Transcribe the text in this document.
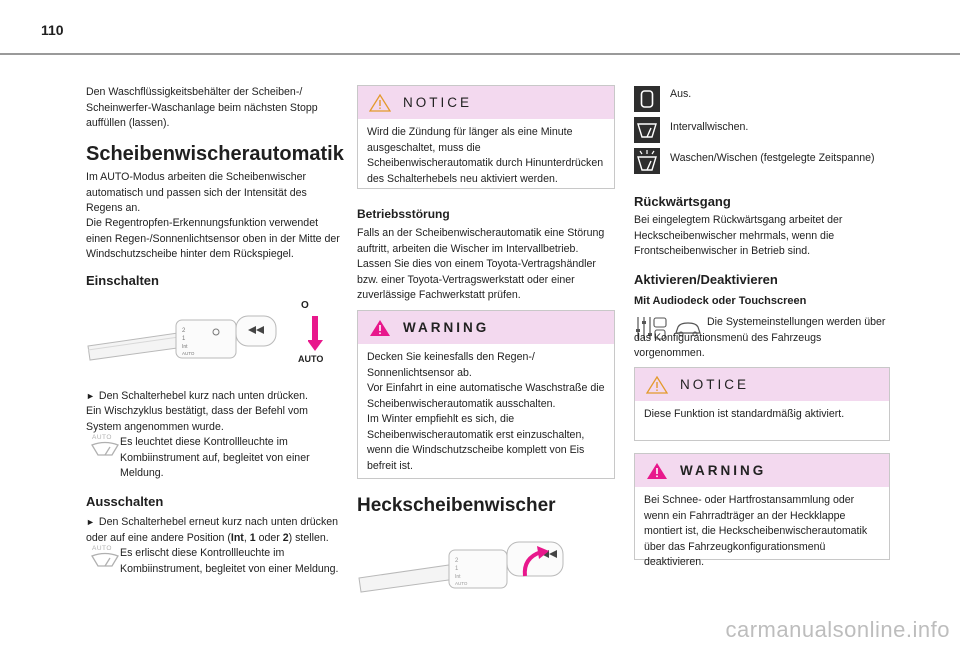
110
Den Waschflüssigkeitsbehälter der Scheiben-/ Scheinwerfer-Waschanlage beim nächsten Stopp auffüllen (lassen).
Scheibenwischerautomatik
Im AUTO-Modus arbeiten die Scheibenwischer automatisch und passen sich der Intensität des Regens an.
Die Regentropfen-Erkennungsfunktion verwendet einen Regen-/Sonnenlichtsensor oben in der Mitte der Windschutzscheibe hinter dem Rückspiegel.
Einschalten
2
1
Int
AUTO
O
AUTO
► Den Schalterhebel kurz nach unten drücken.
Ein Wischzyklus bestätigt, dass der Befehl vom System angenommen wurde.
AUTO Es leuchtet diese Kontrollleuchte im Kombiinstrument auf, begleitet von einer Meldung.
Ausschalten
► Den Schalterhebel erneut kurz nach unten drücken oder auf eine andere Position (Int, 1 oder 2) stellen.
AUTO Es erlischt diese Kontrollleuchte im Kombiinstrument, begleitet von einer Meldung.
NOTICE
Wird die Zündung für länger als eine Minute ausgeschaltet, muss die Scheibenwischerautomatik durch Hinunterdrücken des Schalterhebels neu aktiviert werden.
Betriebsstörung
Falls an der Scheibenwischerautomatik eine Störung auftritt, arbeiten die Wischer im Intervallbetrieb. Lassen Sie dies von einem Toyota-Vertragshändler bzw. einer Toyota-Vertragswerkstatt oder einer zuverlässige Fachwerkstatt prüfen.
WARNING
Decken Sie keinesfalls den Regen-/ Sonnenlichtsensor ab.
Vor Einfahrt in eine automatische Waschstraße die Scheibenwischerautomatik ausschalten.
Im Winter empfiehlt es sich, die Scheibenwischerautomatik erst einzuschalten, wenn die Windschutzscheibe komplett von Eis befreit ist.
Heckscheibenwischer
2
1
Int
AUTO
Aus.
Intervallwischen.
Waschen/Wischen (festgelegte Zeitspanne)
Rückwärtsgang
Bei eingelegtem Rückwärtsgang arbeitet der Heckscheibenwischer mehrmals, wenn die Frontscheibenwischer in Betrieb sind.
Aktivieren/Deaktivieren
Mit Audiodeck oder Touchscreen
Die Systemeinstellungen werden über das Konfigurationsmenü des Fahrzeugs vorgenommen.
NOTICE
Diese Funktion ist standardmäßig aktiviert.
WARNING
Bei Schnee- oder Hartfrostansammlung oder wenn ein Fahrradträger an der Heckklappe montiert ist, die Heckscheibenwischerautomatik über das Fahrzeugkonfigurationsmenü deaktivieren.
carmanualsonline.info
